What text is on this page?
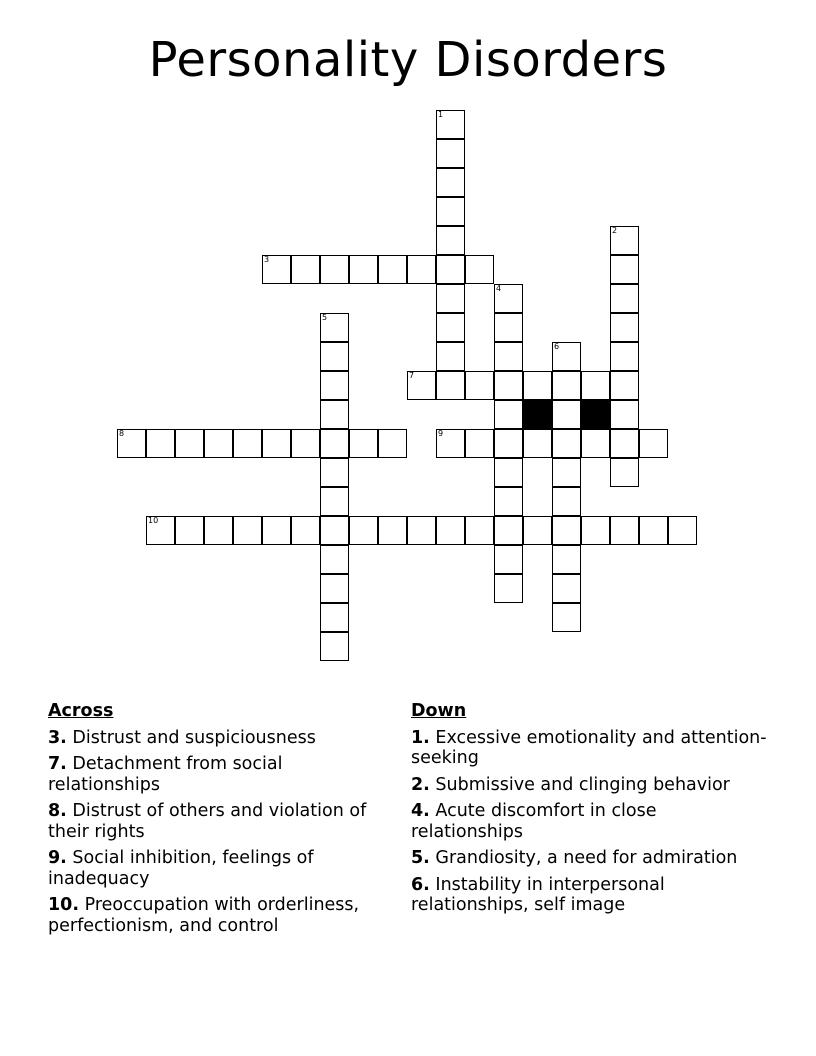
Personality Disorders
1
2
3
4
5
6
7
8	9
10
Across
3. Distrust and suspiciousness
7. Detachment from social relationships
8. Distrust of others and violation of their rights
9. Social inhibition, feelings of inadequacy
10. Preoccupation with orderliness, perfectionism, and control
Down
1. Excessive emotionality and attention-seeking
2. Submissive and clinging behavior
4. Acute discomfort in close relationships
5. Grandiosity, a need for admiration
6. Instability in interpersonal relationships, self image
